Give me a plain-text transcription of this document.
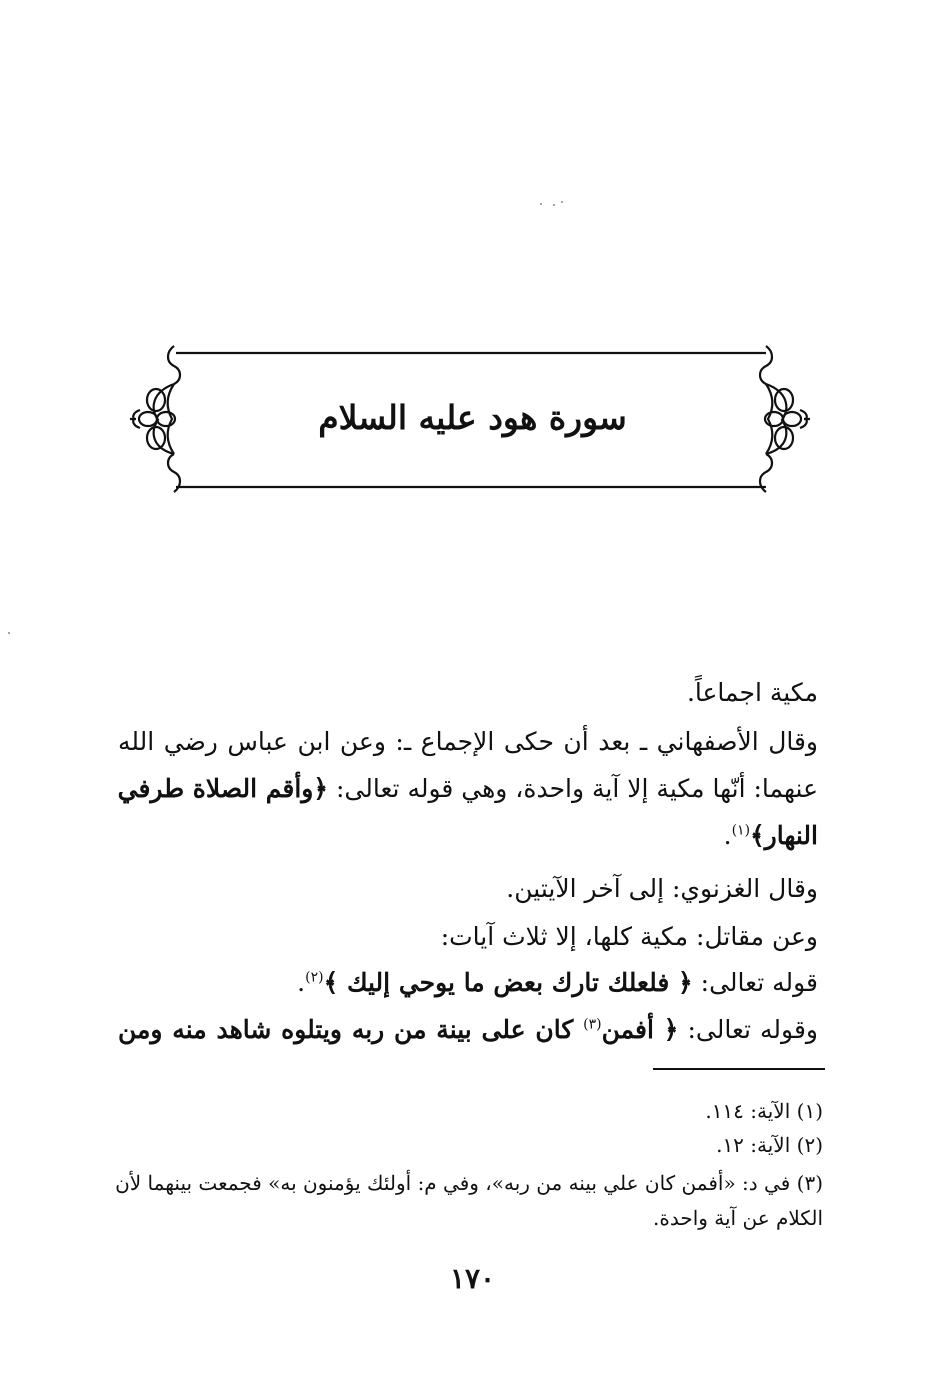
سورة هود عليه السلام
مكية اجماعاً.
وقال الأصفهاني ـ بعد أن حكى الإجماع ـ: وعن ابن عباس رضي الله
عنهما: أنّها مكية إلا آية واحدة، وهي قوله تعالى: ﴿وأقم الصلاة طرفي
النهار﴾$^{(١)}$.
وقال الغزنوي: إلى آخر الآيتين.
وعن مقاتل: مكية كلها، إلا ثلاث آيات:
قوله تعالى: ﴿ فلعلك تارك بعض ما يوحي إليك ﴾$^{(٢)}$.
وقوله تعالى: ﴿ أفمن$^{(٣)}$ كان على بينة من ربه ويتلوه شاهد منه ومن
(١) الآية: ١١٤.
(٢) الآية: ١٢.
(٣) في د: «أفمن كان علي بينه من ربه»، وفي م: أولئك يؤمنون به» فجمعت بينهما لأن
الكلام عن آية واحدة.
١٧٠
